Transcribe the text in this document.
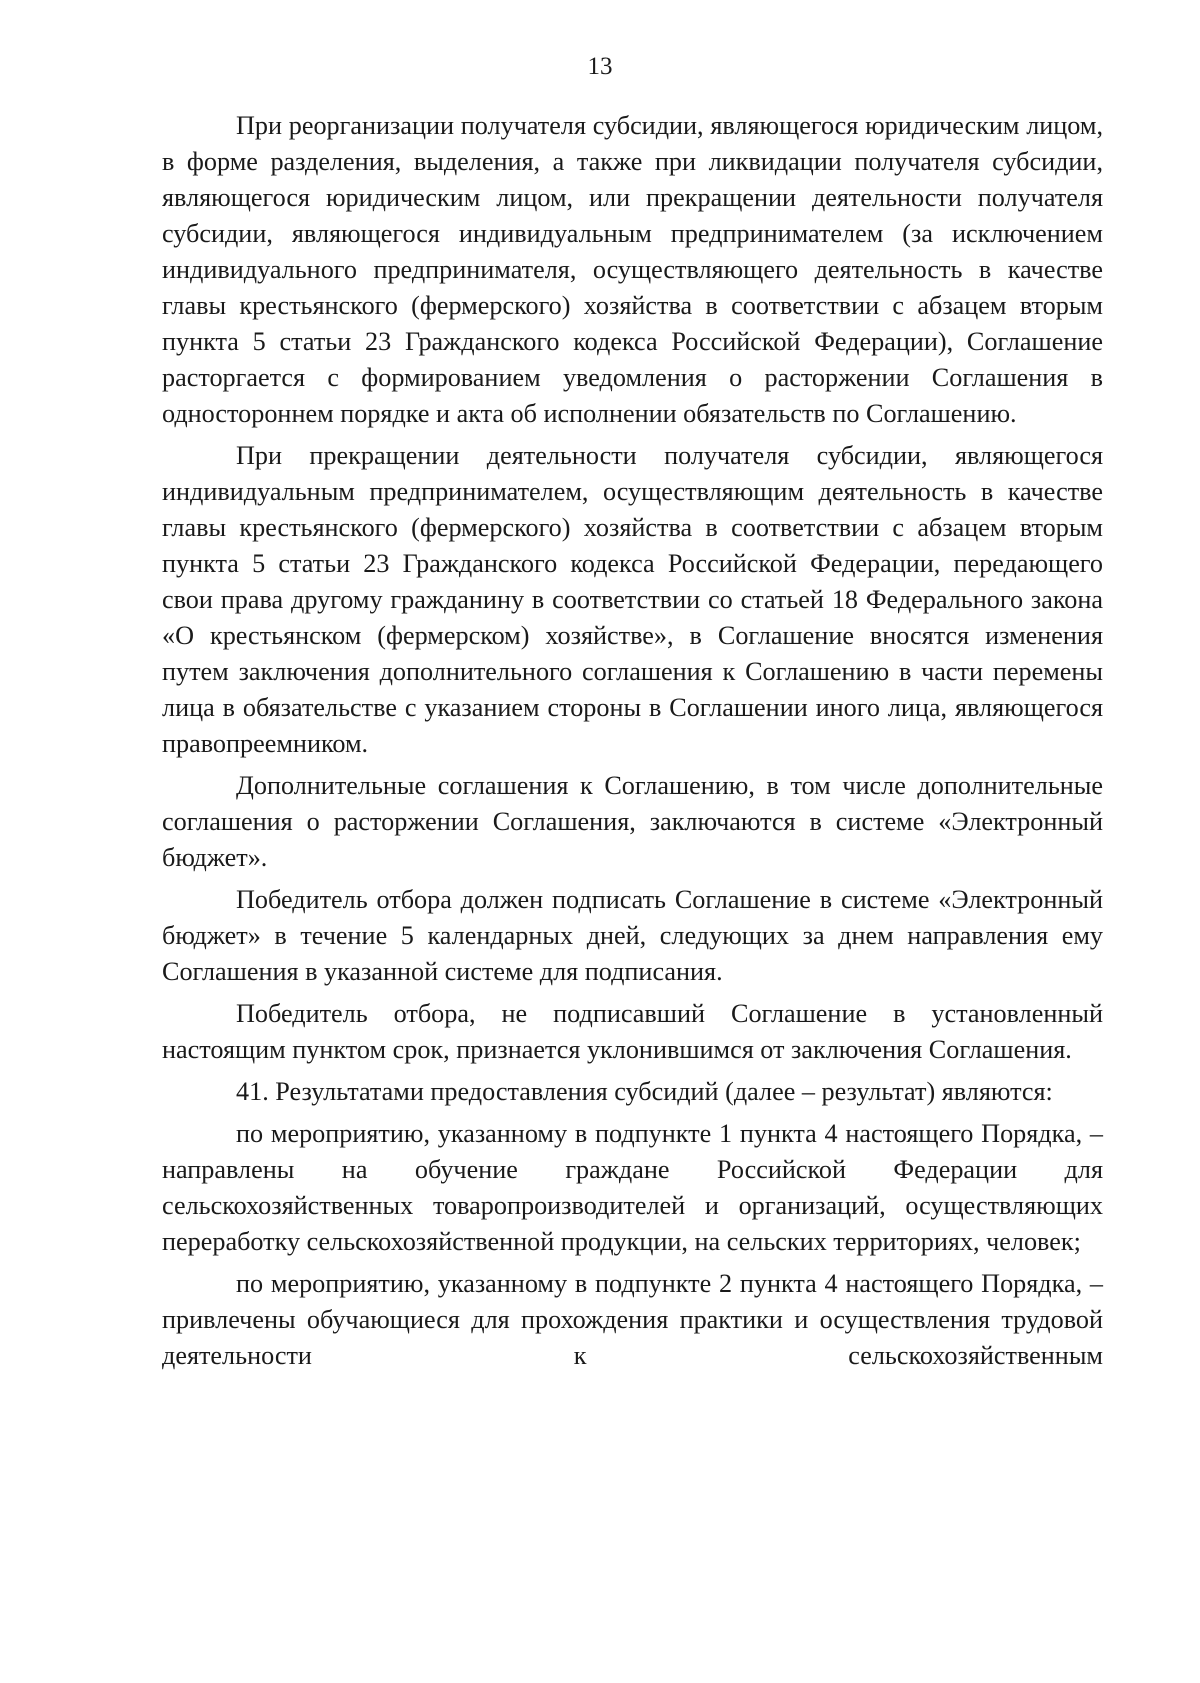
13

При реорганизации получателя субсидии, являющегося юридическим лицом, в форме разделения, выделения, а также при ликвидации получателя субсидии, являющегося юридическим лицом, или прекращении деятельности получателя субсидии, являющегося индивидуальным предпринимателем (за исключением индивидуального предпринимателя, осуществляющего деятельность в качестве главы крестьянского (фермерского) хозяйства в соответствии с абзацем вторым пункта 5 статьи 23 Гражданского кодекса Российской Федерации), Соглашение расторгается с формированием уведомления о расторжении Соглашения в одностороннем порядке и акта об исполнении обязательств по Соглашению.

При прекращении деятельности получателя субсидии, являющегося индивидуальным предпринимателем, осуществляющим деятельность в качестве главы крестьянского (фермерского) хозяйства в соответствии с абзацем вторым пункта 5 статьи 23 Гражданского кодекса Российской Федерации, передающего свои права другому гражданину в соответствии со статьей 18 Федерального закона «О крестьянском (фермерском) хозяйстве», в Соглашение вносятся изменения путем заключения дополнительного соглашения к Соглашению в части перемены лица в обязательстве с указанием стороны в Соглашении иного лица, являющегося правопреемником.

Дополнительные соглашения к Соглашению, в том числе дополнительные соглашения о расторжении Соглашения, заключаются в системе «Электронный бюджет».

Победитель отбора должен подписать Соглашение в системе «Электронный бюджет» в течение 5 календарных дней, следующих за днем направления ему Соглашения в указанной системе для подписания.

Победитель отбора, не подписавший Соглашение в установленный настоящим пунктом срок, признается уклонившимся от заключения Соглашения.

41. Результатами предоставления субсидий (далее – результат) являются:

по мероприятию, указанному в подпункте 1 пункта 4 настоящего Порядка, – направлены на обучение граждане Российской Федерации для сельскохозяйственных товаропроизводителей и организаций, осуществляющих переработку сельскохозяйственной продукции, на сельских территориях, человек;

по мероприятию, указанному в подпункте 2 пункта 4 настоящего Порядка, – привлечены обучающиеся для прохождения практики и осуществления трудовой деятельности к сельскохозяйственным
